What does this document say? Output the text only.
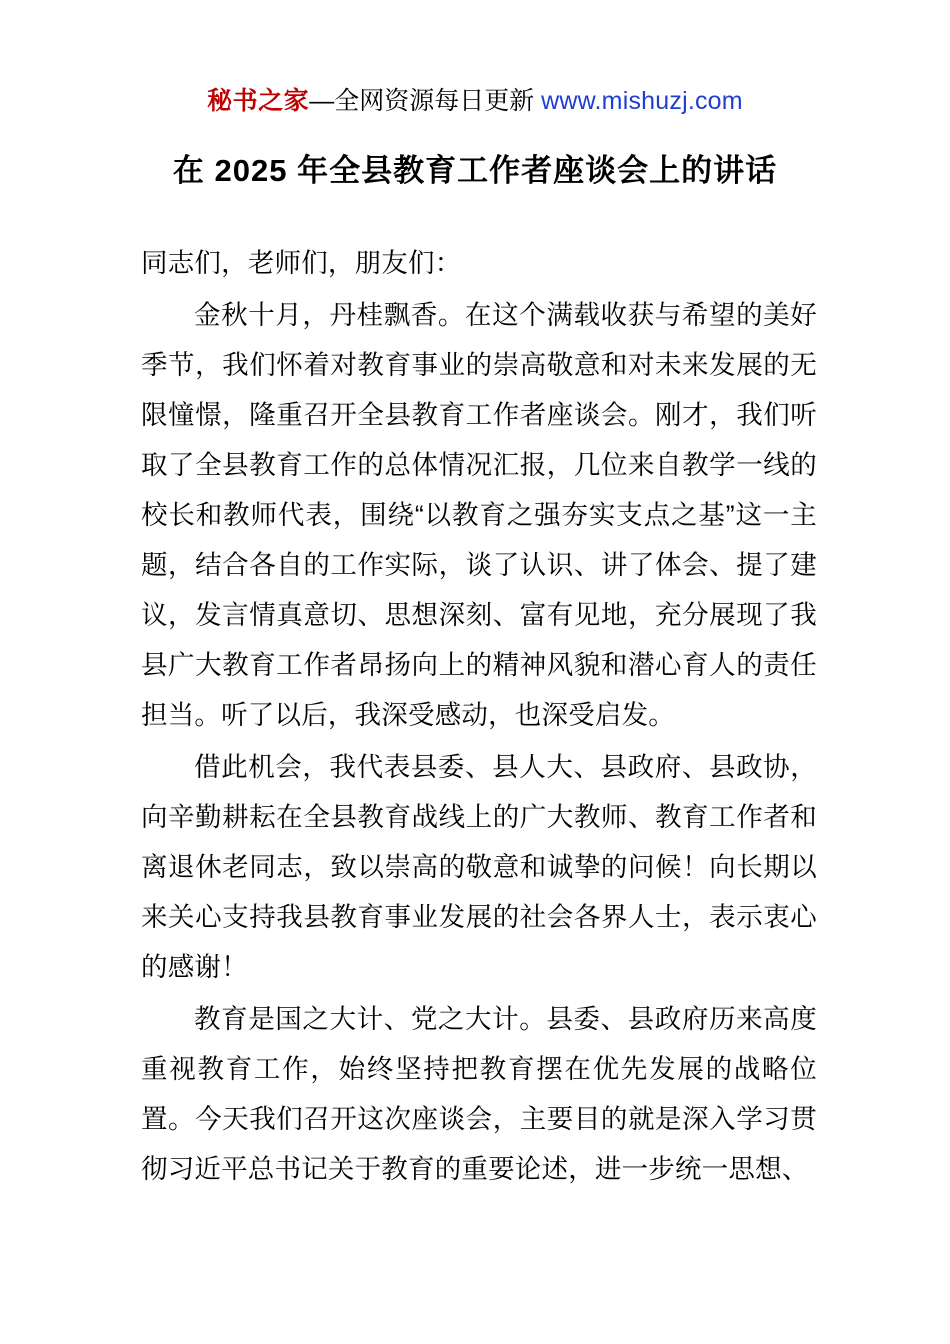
秘书之家—全网资源每日更新 www.mishuzj.com
在 2025 年全县教育工作者座谈会上的讲话

同志们，老师们，朋友们：

金秋十月，丹桂飘香。在这个满载收获与希望的美好季节，我们怀着对教育事业的崇高敬意和对未来发展的无限憧憬，隆重召开全县教育工作者座谈会。刚才，我们听取了全县教育工作的总体情况汇报，几位来自教学一线的校长和教师代表，围绕“以教育之强夯实支点之基”这一主题，结合各自的工作实际，谈了认识、讲了体会、提了建议，发言情真意切、思想深刻、富有见地，充分展现了我县广大教育工作者昂扬向上的精神风貌和潜心育人的责任担当。听了以后，我深受感动，也深受启发。

借此机会，我代表县委、县人大、县政府、县政协，向辛勤耕耘在全县教育战线上的广大教师、教育工作者和离退休老同志，致以崇高的敬意和诚挚的问候！向长期以来关心支持我县教育事业发展的社会各界人士，表示衷心的感谢！

教育是国之大计、党之大计。县委、县政府历来高度重视教育工作，始终坚持把教育摆在优先发展的战略位置。今天我们召开这次座谈会，主要目的就是深入学习贯彻习近平总书记关于教育的重要论述，进一步统一思想、
